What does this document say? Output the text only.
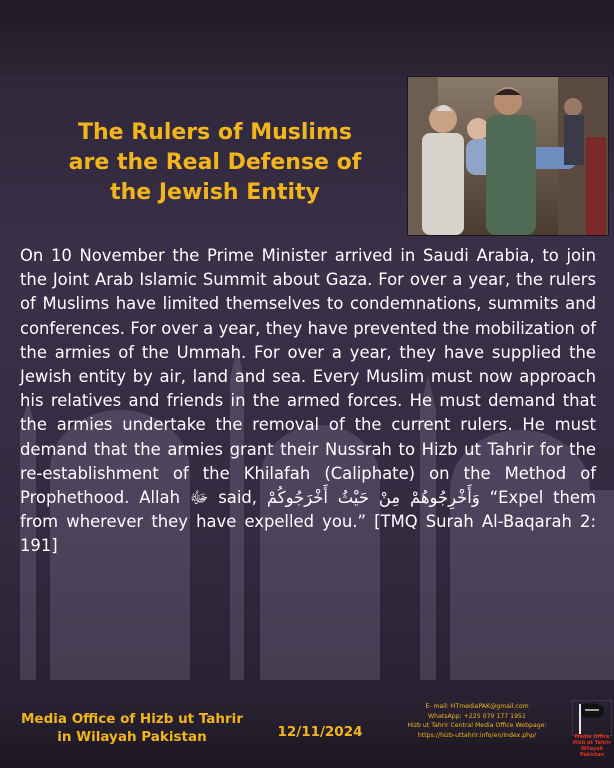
The Rulers of Muslims
are the Real Defense of
the Jewish Entity
On 10 November the Prime Minister arrived in Saudi Arabia, to join the Joint Arab Islamic Summit about Gaza. For over a year, the rulers of Muslims have limited themselves to condemnations, summits and conferences. For over a year, they have prevented the mobilization of the armies of the Ummah. For over a year, they have supplied the Jewish entity by air, land and sea. Every Muslim must now approach his relatives and friends in the armed forces. He must demand that the armies undertake the removal of the current rulers. He must demand that the armies grant their Nussrah to Hizb ut Tahrir for the re-establishment of the Khilafah (Caliphate) on the Method of Prophethood. Allah ﷻ said, وَأَخْرِجُوهُمْ مِنْ حَيْثُ أَخْرَجُوكُمْ “Expel them from wherever they have expelled you.” [TMQ Surah Al-Baqarah 2: 191]
Media Office of Hizb ut Tahrir
in Wilayah Pakistan	12/11/2024
E- mail: HTmediaPAK@gmail.com
WhatsApp: +225 070 177 1951
Hizb ut Tahrir Central Media Office Webpage:
https://hizb-uttahrir.info/en/index.php/	Media Office
Hizb ut Tahrir
Wilayah Pakistan
